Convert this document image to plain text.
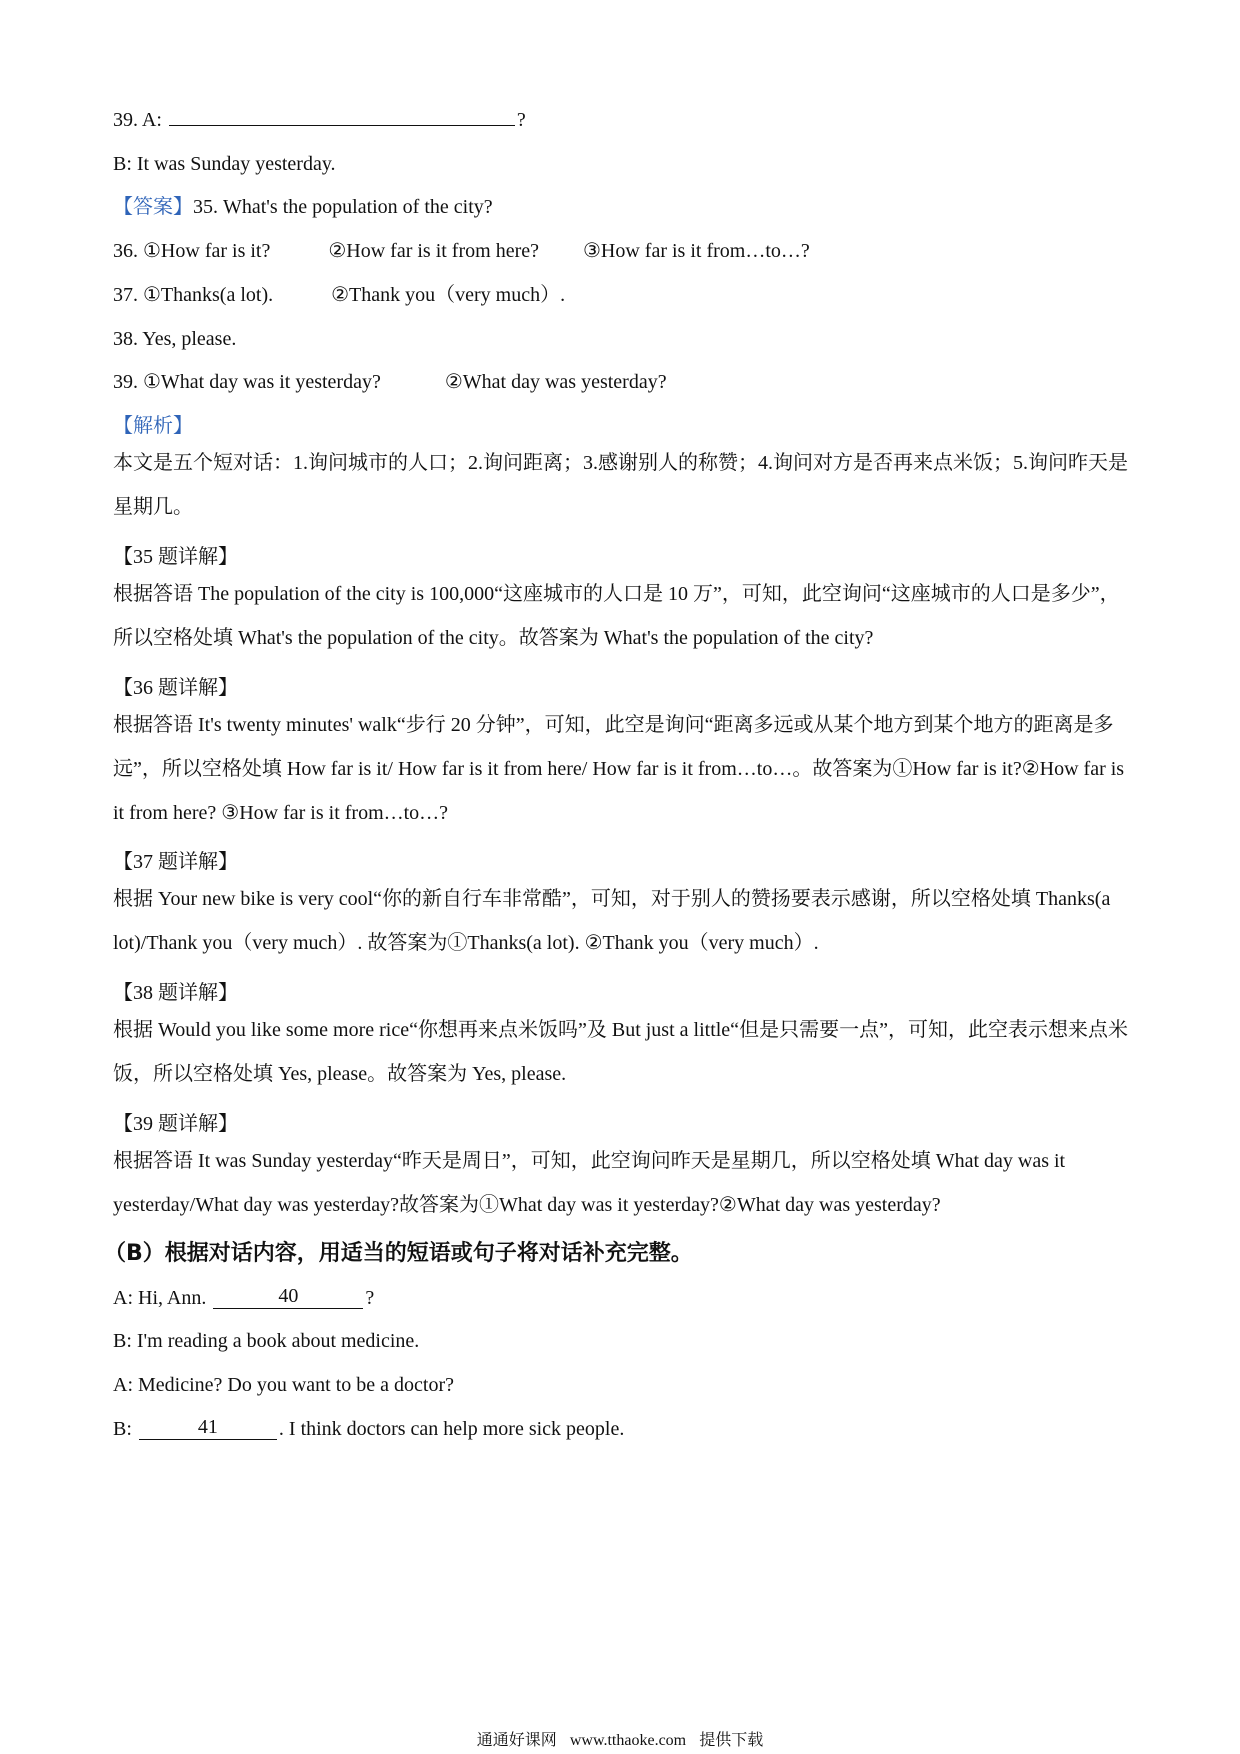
39. A:	?
B: It was Sunday yesterday.
【答案】35. What's the population of the city?
36. ①How far is it?	②How far is it from here? ③How far is it from…to…?
37. ①Thanks(a lot).	②Thank you（very much）.
38. Yes, please.
39. ①What day was it yesterday?	②What day was yesterday?
【解析】
本文是五个短对话：1.询问城市的人口；2.询问距离；3.感谢别人的称赞；4.询问对方是否再来点米饭；5.询问昨天是星期几。
【35 题详解】
根据答语 The population of the city is 100,000“这座城市的人口是 10 万”，可知，此空询问“这座城市的人口是多少”，所以空格处填 What's the population of the city。故答案为 What's the population of the city?
【36 题详解】
根据答语 It's twenty minutes' walk“步行 20 分钟”，可知，此空是询问“距离多远或从某个地方到某个地方的距离是多远”，所以空格处填 How far is it/ How far is it from here/ How far is it from…to…。故答案为①How far is it?②How far is it from here? ③How far is it from…to…?
【37 题详解】
根据 Your new bike is very cool“你的新自行车非常酷”，可知，对于别人的赞扬要表示感谢，所以空格处填 Thanks(a lot)/Thank you（very much）. 故答案为①Thanks(a lot). ②Thank you（very much）.
【38 题详解】
根据 Would you like some more rice“你想再来点米饭吗”及 But just a little“但是只需要一点”，可知，此空表示想来点米饭，所以空格处填 Yes, please。故答案为 Yes, please.
【39 题详解】
根据答语 It was Sunday yesterday“昨天是周日”，可知，此空询问昨天是星期几，所以空格处填 What day was it yesterday/What day was yesterday?故答案为①What day was it yesterday?②What day was yesterday?
（B）根据对话内容，用适当的短语或句子将对话补充完整。
A: Hi, Ann.	40	?
B: I'm reading a book about medicine.
A: Medicine? Do you want to be a doctor?
B:	41	. I think doctors can help more sick people.
通通好课网 www.tthaoke.com 提供下载
